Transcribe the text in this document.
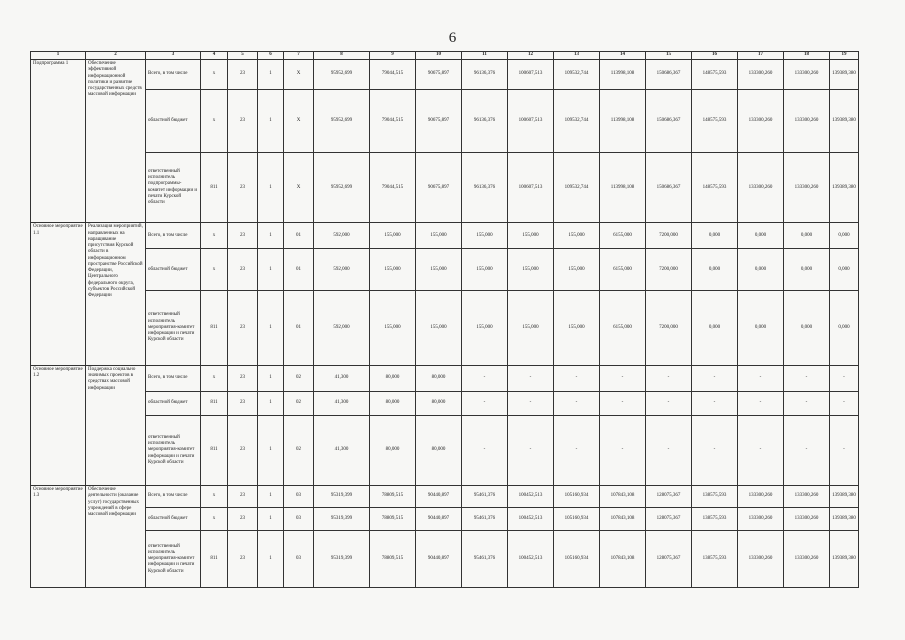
6
1	2	3	4	5	6	7	8	9	10	11	12	13	14	15	16	17	18	19
Подпрограмма 1	Обеспечение эффективной информационной политики и развитие государственных средств массовой информации	Всего, в том числе	х	23	1	Х	95952,699	79044,515	90675,897	96136,376	100607,513	109532,744	113998,108	150686,367	148575,593	133300,260	133300,260	139389,380
		областной бюджет	х	23	1	Х	95952,699	79044,515	90675,897	96136,376	100607,513	109532,744	113998,108	150686,367	148575,593	133300,260	133300,260	139389,380
		ответственный исполнитель подпрограммы-комитет информации и печати Курской области	811	23	1	Х	95952,699	79044,515	90675,897	96136,376	100607,513	109532,744	113998,108	150686,367	148575,593	133300,260	133300,260	139389,380
Основное мероприятие 1.1	Реализация мероприятий, направленных на наращивание присутствия Курской области в информационном пространстве Российской Федерации, Центрального федерального округа, субъектов Российской Федерации	Всего, в том числе	х	23	1	01	592,000	155,000	155,000	155,000	155,000	155,000	6155,000	7200,000	0,000	0,000	0,000	0,000
		областной бюджет	х	23	1	01	592,000	155,000	155,000	155,000	155,000	155,000	6155,000	7200,000	0,000	0,000	0,000	0,000
		ответственный исполнитель мероприятия-комитет информации и печати Курской области	811	23	1	01	592,000	155,000	155,000	155,000	155,000	155,000	6155,000	7200,000	0,000	0,000	0,000	0,000
Основное мероприятие 1.2	Поддержка социально значимых проектов в средствах массовой информации	Всего, в том числе	х	23	1	02	41,300	80,000	80,000	-	-	-	-	-	-	-	-	-
		областной бюджет	811	23	1	02	41,300	80,000	80,000	-	-	-	-	-	-	-	-	-
		ответственный исполнитель мероприятия-комитет информации и печати Курской области	811	23	1	02	41,300	80,000	80,000	-	-	-	-	-	-	-	-	-
Основное мероприятие 1.3	Обеспечение деятельности (оказание услуг) государственных учреждений в сфере массовой информации	Всего, в том числе	х	23	1	03	95319,399	78809,515	90440,897	95461,376	100452,513	105160,934	107843,108	128075,367	138575,593	133300,260	133300,260	139389,380
		областной бюджет	х	23	1	03	95319,399	78809,515	90440,897	95461,376	100452,513	105160,934	107843,108	128075,367	138575,593	133300,260	133300,260	139389,380
		ответственный исполнитель мероприятия-комитет информации и печати Курской области	811	23	1	03	95319,399	78809,515	90440,897	95461,376	100452,513	105160,934	107843,108	128075,367	138575,593	133300,260	133300,260	139389,380
